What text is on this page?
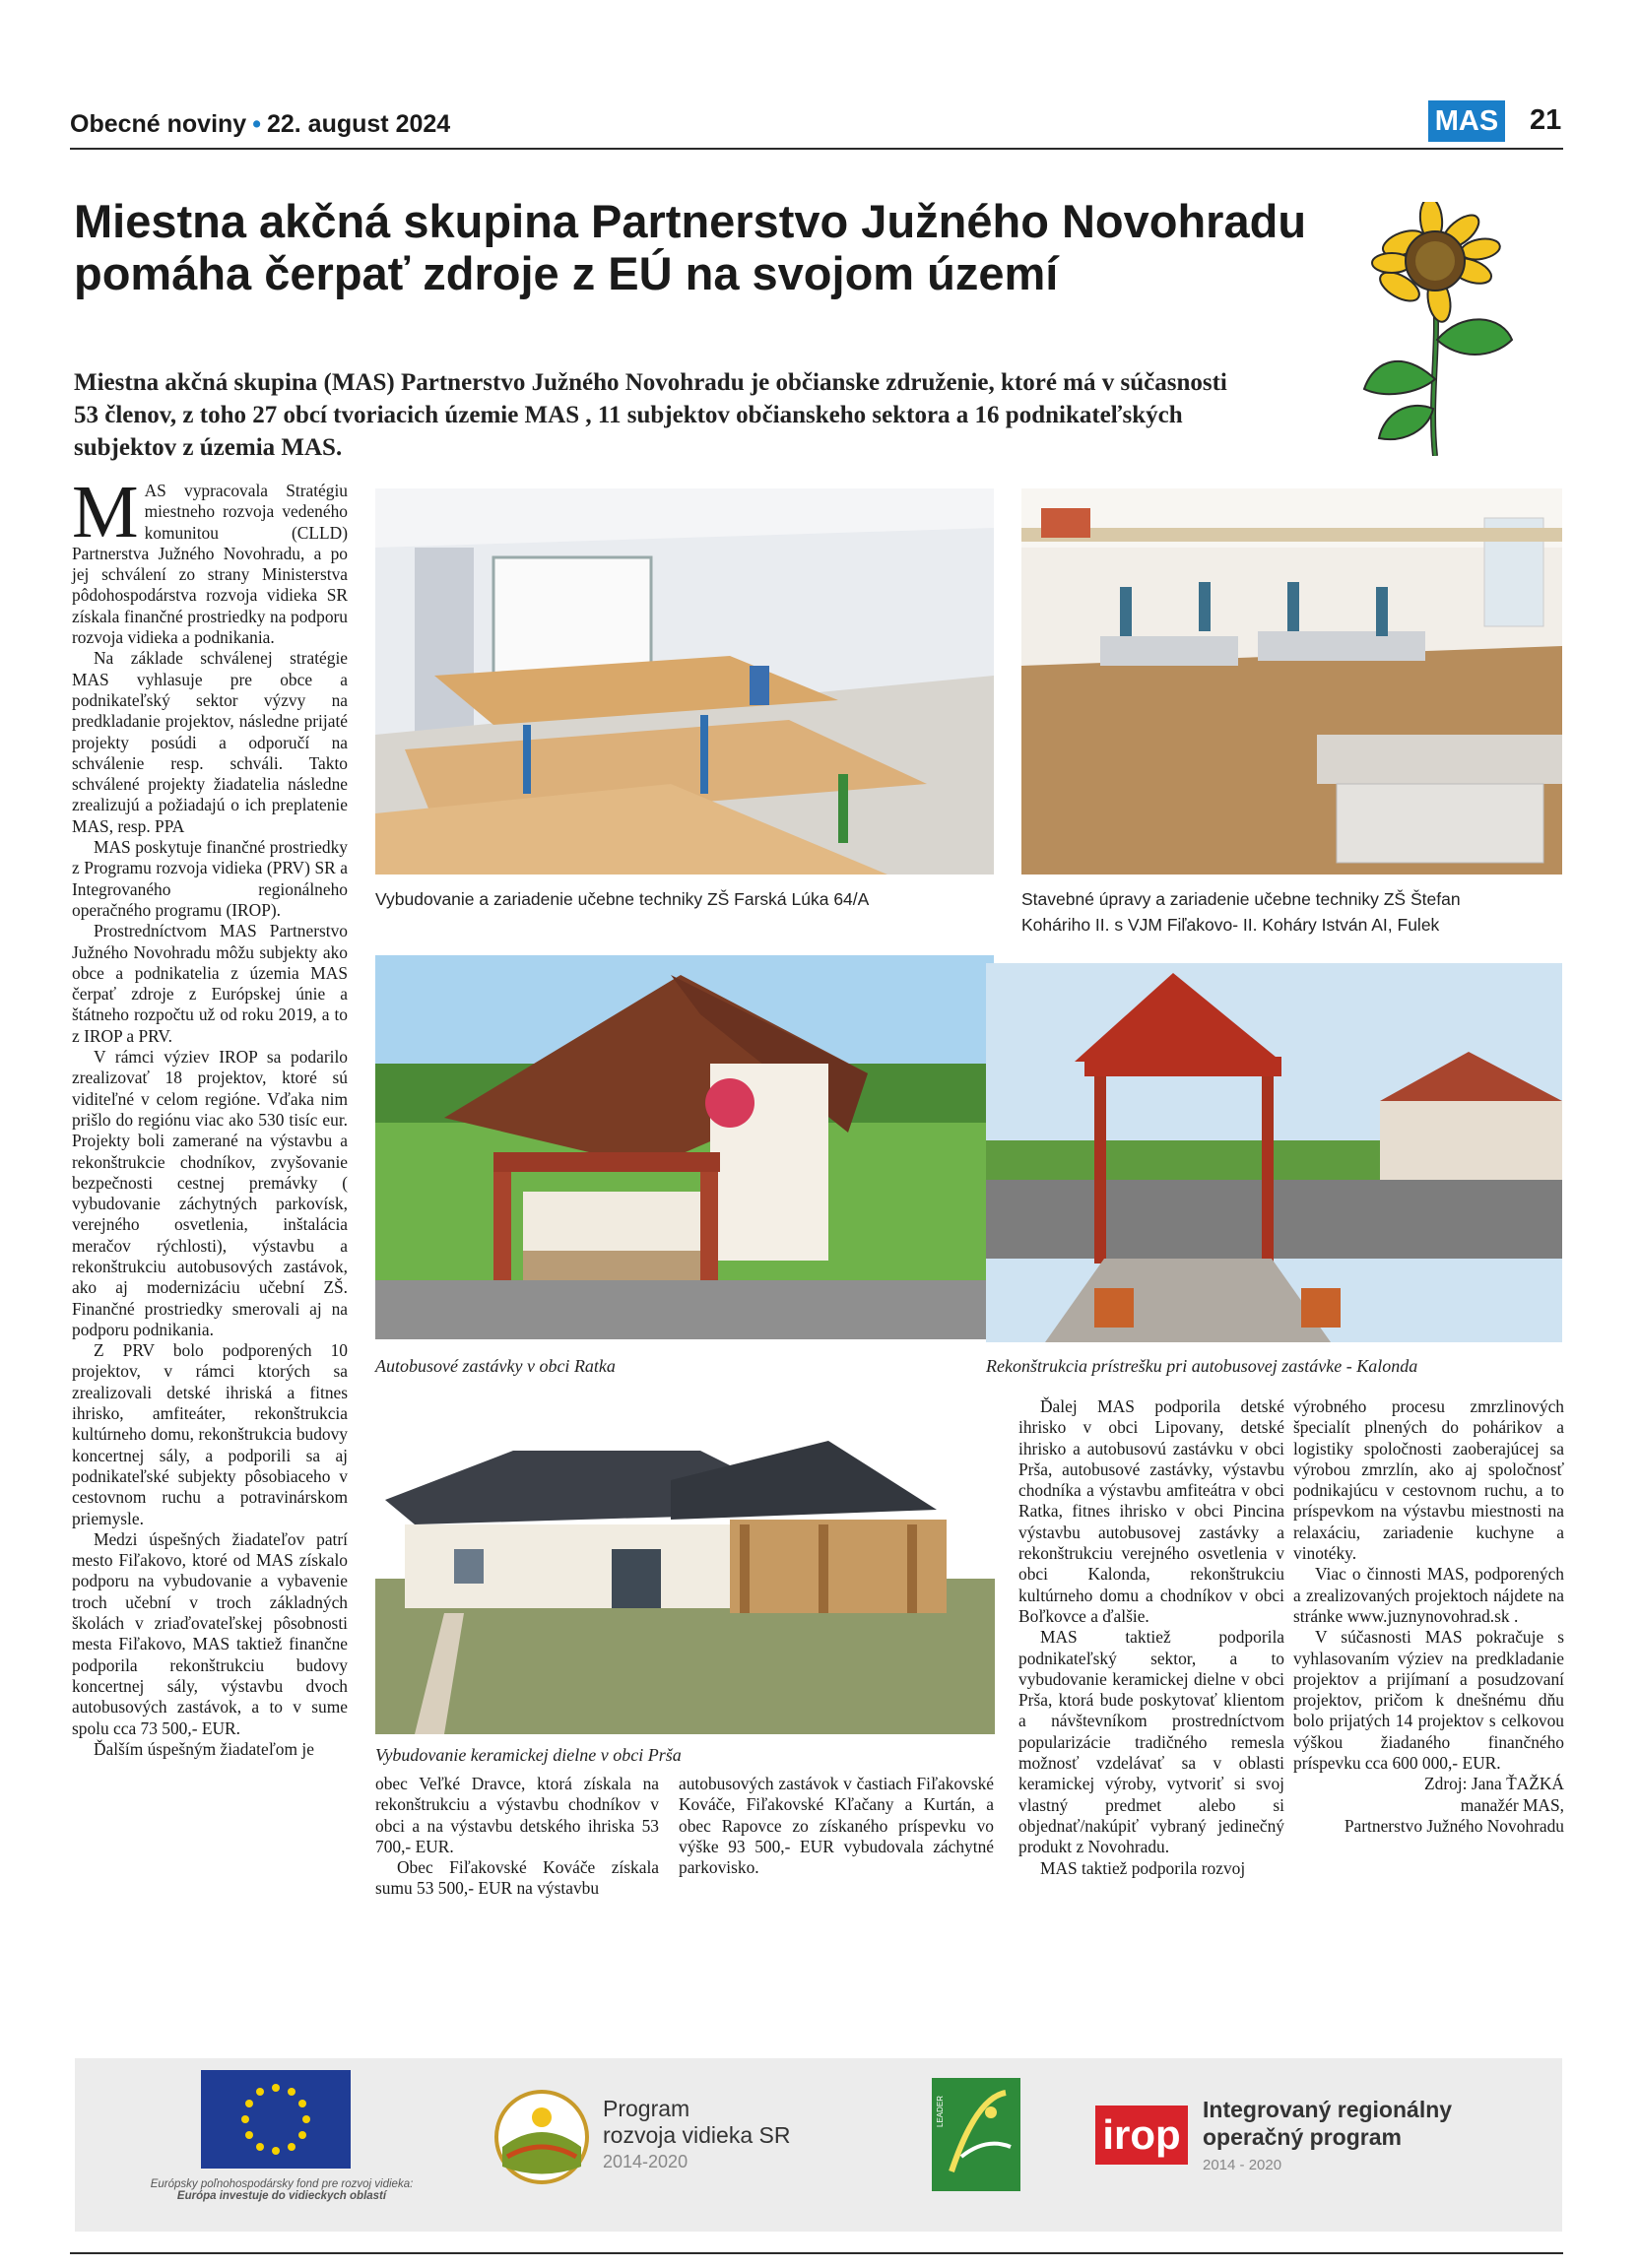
Obecné noviny • 22. august 2024	MAS 21
Miestna akčná skupina Partnerstvo Južného Novohradu pomáha čerpať zdroje z EÚ na svojom území
Miestna akčná skupina (MAS) Partnerstvo Južného Novohradu je občianske združenie, ktoré má v súčasnosti 53 členov, z toho 27 obcí tvoriacich územie MAS , 11 subjektov občianskeho sektora a 16 podnikateľských subjektov z územia MAS.

MAS vypracovala Stratégiu miestneho rozvoja vedeného komunitou (CLLD) Partnerstva Južného Novohradu, a po jej schválení zo strany Ministerstva pôdohospodárstva rozvoja vidieka SR získala finančné prostriedky na podporu rozvoja vidieka a podnikania.

Na základe schválenej stratégie MAS vyhlasuje pre obce a podnikateľský sektor výzvy na predkladanie projektov, následne prijaté projekty posúdi a odporučí na schválenie resp. schváli. Takto schválené projekty žiadatelia následne zrealizujú a požiadajú o ich preplatenie MAS, resp. PPA

MAS poskytuje finančné prostriedky z Programu rozvoja vidieka (PRV) SR a Integrovaného regionálneho operačného programu (IROP).

Prostredníctvom MAS Partnerstvo Južného Novohradu môžu subjekty ako obce a podnikatelia z územia MAS čerpať zdroje z Európskej únie a štátneho rozpočtu už od roku 2019, a to z IROP a PRV.

V rámci výziev IROP sa podarilo zrealizovať 18 projektov, ktoré sú viditeľné v celom regióne. Vďaka nim prišlo do regiónu viac ako 530 tisíc eur. Projekty boli zamerané na výstavbu a rekonštrukcie chodníkov, zvyšovanie bezpečnosti cestnej premávky ( vybudovanie záchytných parkovísk, verejného osvetlenia, inštalácia meračov rýchlosti), výstavbu a rekonštrukciu autobusových zastávok, ako aj modernizáciu učební ZŠ. Finančné prostriedky smerovali aj na podporu podnikania.

Z PRV bolo podporených 10 projektov, v rámci ktorých sa zrealizovali detské ihriská a fitnes ihrisko, amfiteáter, rekonštrukcia kultúrneho domu, rekonštrukcia budovy koncertnej sály, a podporili sa aj podnikateľské subjekty pôsobiaceho v cestovnom ruchu a potravinárskom priemysle.

Medzi úspešných žiadateľov patrí mesto Fiľakovo, ktoré od MAS získalo podporu na vybudovanie a vybavenie troch učební v troch základných školách v zriaďovateľskej pôsobnosti mesta Fiľakovo, MAS taktiež finančne podporila rekonštrukciu budovy koncertnej sály, výstavbu dvoch autobusových zastávok, a to v sume spolu cca 73 500,- EUR.

Ďalším úspešným žiadateľom je

Vybudovanie a zariadenie učebne techniky ZŠ Farská Lúka 64/A	Stavebné úpravy a zariadenie učebne techniky ZŠ Štefan
Koháriho II. s VJM Fiľakovo- II. Koháry István AI, Fulek
Autobusové zastávky v obci Ratka	Rekonštrukcia prístrešku pri autobusovej zastávke - Kalonda
Vybudovanie keramickej dielne v obci Prša

obec Veľké Dravce, ktorá získala na rekonštrukciu a výstavbu chodníkov v obci a na výstavbu detského ihriska 53 700,- EUR.

Obec Fiľakovské Kováče získala sumu 53 500,- EUR na výstavbu

autobusových zastávok v častiach Fiľakovské Kováče, Fiľakovské Kľačany a Kurtán, a obec Rapovce zo získaného príspevku vo výške 93 500,- EUR vybudovala záchytné parkovisko.

Ďalej MAS podporila detské ihrisko v obci Lipovany, detské ihrisko a autobusovú zastávku v obci Prša, autobusové zastávky, výstavbu chodníka a výstavbu amfiteátra v obci Ratka, fitnes ihrisko v obci Pincina výstavbu autobusovej zastávky a rekonštrukciu verejného osvetlenia v obci Kalonda, rekonštrukciu kultúrneho domu a chodníkov v obci Boľkovce a ďalšie.

MAS taktiež podporila podnikateľský sektor, a to vybudovanie keramickej dielne v obci Prša, ktorá bude poskytovať klientom a návštevníkom prostredníctvom popularizácie tradičného remesla možnosť vzdelávať sa v oblasti keramickej výroby, vytvoriť si svoj vlastný predmet alebo si objednať/nakúpiť vybraný jedinečný produkt z Novohradu.

MAS taktiež podporila rozvoj

výrobného procesu zmrzlinových špecialít plnených do pohárikov a logistiky spoločnosti zaoberajúcej sa výrobou zmrzlín, ako aj spoločnosť podnikajúcu v cestovnom ruchu, a to príspevkom na výstavbu miestnosti na relaxáciu, zariadenie kuchyne a vinotéky.

Viac o činnosti MAS, podporených a zrealizovaných projektoch nájdete na stránke www.juznynovohrad.sk .

V súčasnosti MAS pokračuje s vyhlasovaním výziev na predkladanie projektov a prijímaní a posudzovaní projektov, pričom k dnešnému dňu bolo prijatých 14 projektov s celkovou výškou žiadaného finančného príspevku cca 600 000,- EUR.

Zdroj: Jana ŤAŽKÁ
manažér MAS,
Partnerstvo Južného Novohradu
Európsky poľnohospodársky fond pre rozvoj vidieka:
Európa investuje do vidieckych oblastí
Program
rozvoja vidieka SR
2014-2020
LEADER
irop
Integrovaný regionálny
operačný program
2014 - 2020
